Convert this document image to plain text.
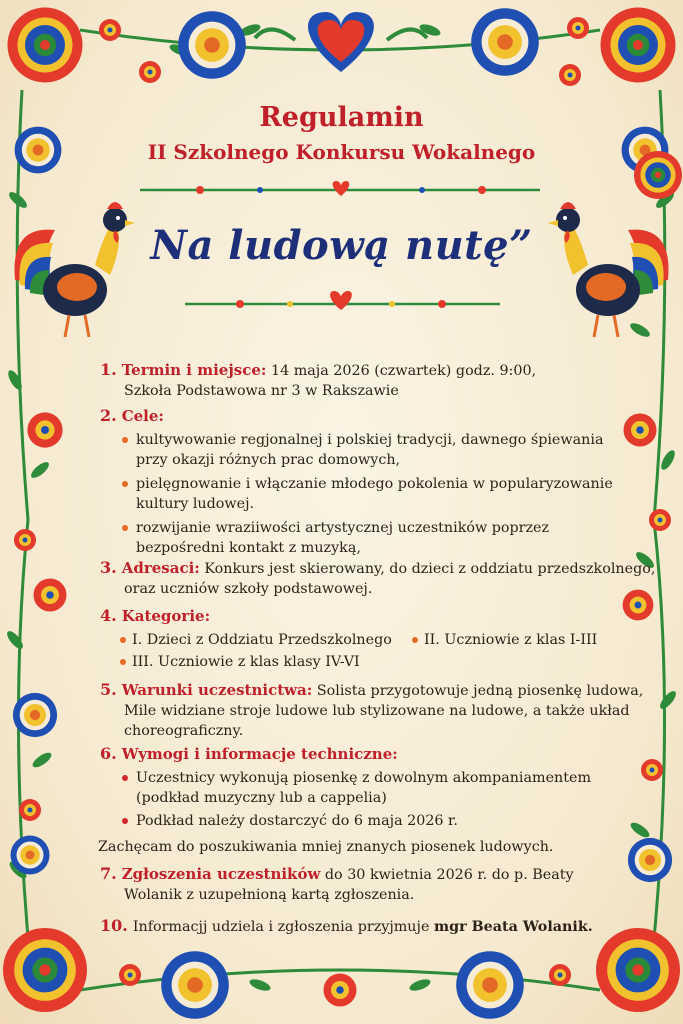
Regulamin
II Szkolnego Konkursu Wokalnego
Na ludową nutę”
1. Termin i miejsce: 14 maja 2026 (czwartek) godz. 9:00,
Szkoła Podstawowa nr 3 w Rakszawie
2. Cele:
kultywowanie regjonalnej i polskiej tradycji, dawnego śpiewania
przy okazji różnych prac domowych,
pielęgnowanie i włączanie młodego pokolenia w popularyzowanie
kultury ludowej.
rozwijanie wraziiwości artystycznej uczestników poprzez
bezpośredni kontakt z muzyką,
3. Adresaci: Konkurs jest skierowany, do dzieci z oddziatu przedszkolnego,
oraz uczniów szkoły podstawowej.
4. Kategorie:
I. Dzieci z Oddziatu Przedszkolnego II. Uczniowie z klas I-III
III. Uczniowie z klas klasy IV-VI
5. Warunki uczestnictwa: Solista przygotowuje jedną piosenkę ludowa,
Mile widziane stroje ludowe lub stylizowane na ludowe, a także układ
choreograficzny.
6. Wymogi i informacje techniczne:
Uczestnicy wykonują piosenkę z dowolnym akompaniamentem
(podkład muzyczny lub a cappelia)
Podkład należy dostarczyć do 6 maja 2026 r.
Zachęcam do poszukiwania mniej znanych piosenek ludowych.
7. Zgłoszenia uczestników do 30 kwietnia 2026 r. do p. Beaty
Wolanik z uzupełnioną kartą zgłoszenia.
10. Informacjj udziela i zgłoszenia przyjmuje mgr Beata Wolanik.
